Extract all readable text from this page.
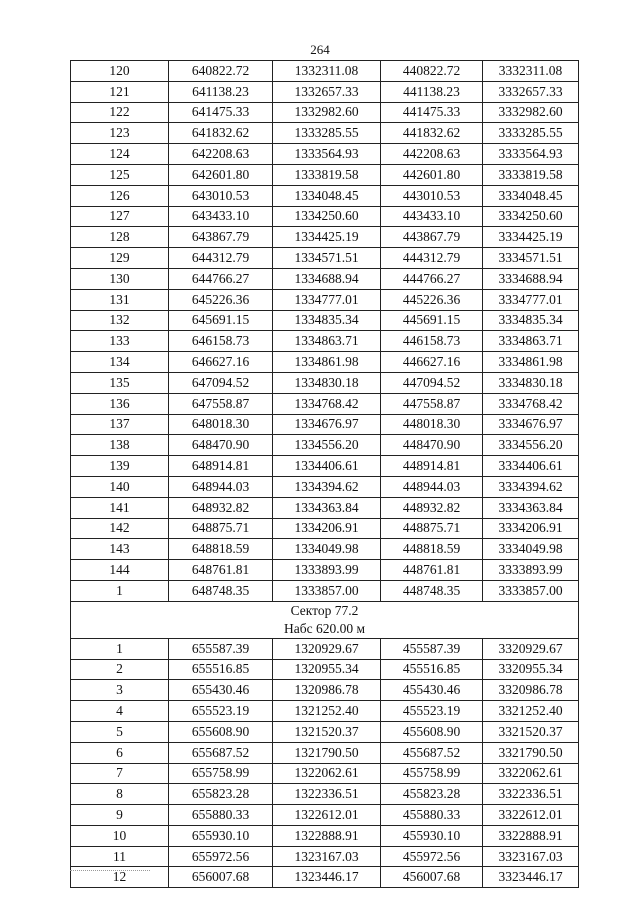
264
120	640822.72	1332311.08	440822.72	3332311.08
121	641138.23	1332657.33	441138.23	3332657.33
122	641475.33	1332982.60	441475.33	3332982.60
123	641832.62	1333285.55	441832.62	3333285.55
124	642208.63	1333564.93	442208.63	3333564.93
125	642601.80	1333819.58	442601.80	3333819.58
126	643010.53	1334048.45	443010.53	3334048.45
127	643433.10	1334250.60	443433.10	3334250.60
128	643867.79	1334425.19	443867.79	3334425.19
129	644312.79	1334571.51	444312.79	3334571.51
130	644766.27	1334688.94	444766.27	3334688.94
131	645226.36	1334777.01	445226.36	3334777.01
132	645691.15	1334835.34	445691.15	3334835.34
133	646158.73	1334863.71	446158.73	3334863.71
134	646627.16	1334861.98	446627.16	3334861.98
135	647094.52	1334830.18	447094.52	3334830.18
136	647558.87	1334768.42	447558.87	3334768.42
137	648018.30	1334676.97	448018.30	3334676.97
138	648470.90	1334556.20	448470.90	3334556.20
139	648914.81	1334406.61	448914.81	3334406.61
140	648944.03	1334394.62	448944.03	3334394.62
141	648932.82	1334363.84	448932.82	3334363.84
142	648875.71	1334206.91	448875.71	3334206.91
143	648818.59	1334049.98	448818.59	3334049.98
144	648761.81	1333893.99	448761.81	3333893.99
1	648748.35	1333857.00	448748.35	3333857.00

Сектор 77.2
Набс 620.00 м				

1	655587.39	1320929.67	455587.39	3320929.67
2	655516.85	1320955.34	455516.85	3320955.34
3	655430.46	1320986.78	455430.46	3320986.78
4	655523.19	1321252.40	455523.19	3321252.40
5	655608.90	1321520.37	455608.90	3321520.37
6	655687.52	1321790.50	455687.52	3321790.50
7	655758.99	1322062.61	455758.99	3322062.61
8	655823.28	1322336.51	455823.28	3322336.51
9	655880.33	1322612.01	455880.33	3322612.01
10	655930.10	1322888.91	455930.10	3322888.91
11	655972.56	1323167.03	455972.56	3323167.03
12	656007.68	1323446.17	456007.68	3323446.17
